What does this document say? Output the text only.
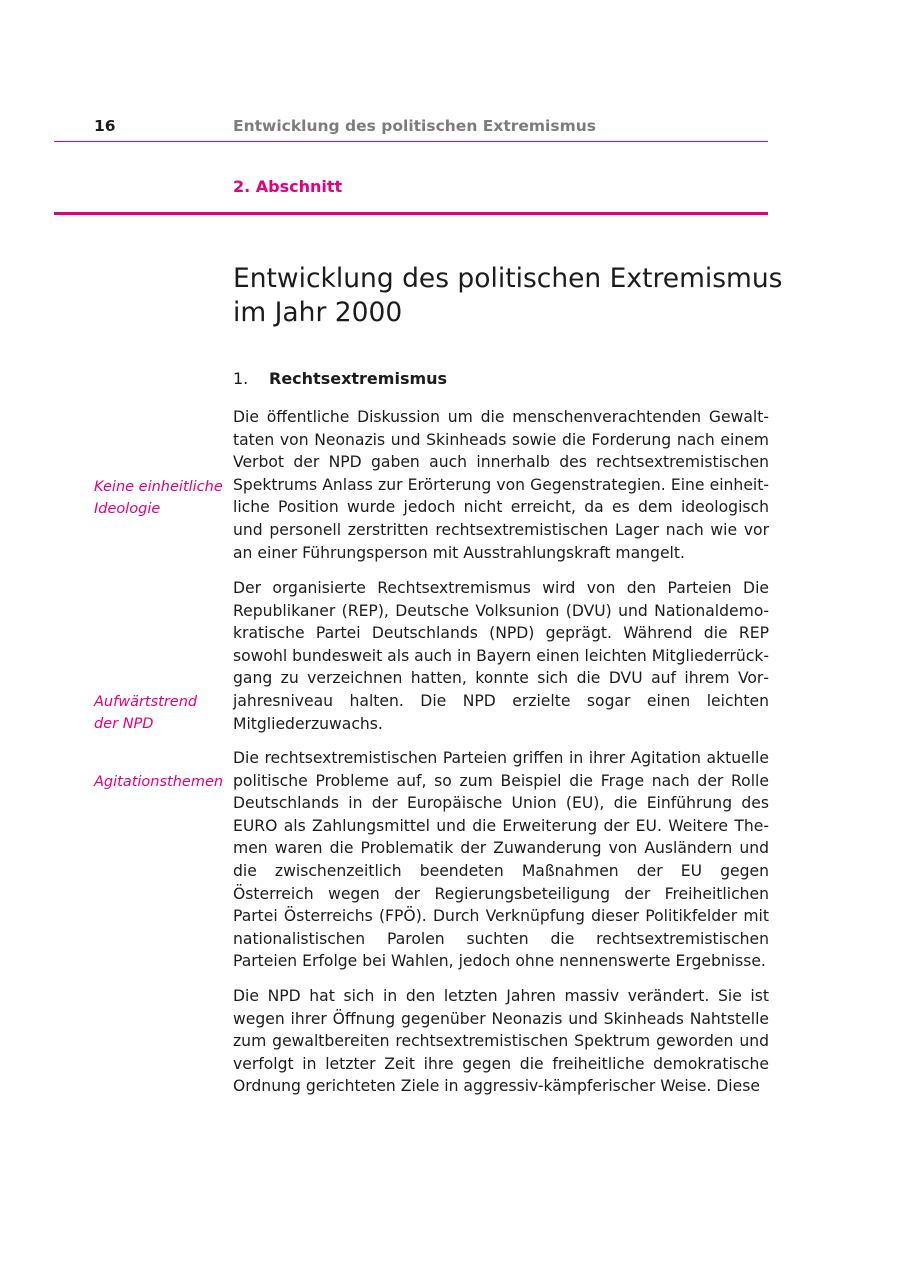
16	Entwicklung des politischen Extremismus
2. Abschnitt
Entwicklung des politischen Extremismus
im Jahr 2000
1. Rechtsextremismus

Keine einheitliche
Ideologie

Aufwärtstrend
der NPD

Agitationsthemen

Die öffentliche Diskussion um die menschenverachtenden Gewalttaten von Neonazis und Skinheads sowie die Forderung nach einem Verbot der NPD gaben auch innerhalb des rechtsextremistischen Spektrums Anlass zur Erörterung von Gegenstrategien. Eine einheitliche Position wurde jedoch nicht erreicht, da es dem ideologisch und personell zerstritten rechtsextremistischen Lager nach wie vor an einer Führungsperson mit Ausstrahlungskraft mangelt.

Der organisierte Rechtsextremismus wird von den Parteien Die Republikaner (REP), Deutsche Volksunion (DVU) und Nationaldemokratische Partei Deutschlands (NPD) geprägt. Während die REP sowohl bundesweit als auch in Bayern einen leichten Mitgliederrückgang zu verzeichnen hatten, konnte sich die DVU auf ihrem Vorjahresniveau halten. Die NPD erzielte sogar einen leichten Mitgliederzuwachs.

Die rechtsextremistischen Parteien griffen in ihrer Agitation aktuelle politische Probleme auf, so zum Beispiel die Frage nach der Rolle Deutschlands in der Europäische Union (EU), die Einführung des EURO als Zahlungsmittel und die Erweiterung der EU. Weitere Themen waren die Problematik der Zuwanderung von Ausländern und die zwischenzeitlich beendeten Maßnahmen der EU gegen Österreich wegen der Regierungsbeteiligung der Freiheitlichen Partei Österreichs (FPÖ). Durch Verknüpfung dieser Politikfelder mit nationalistischen Parolen suchten die rechtsextremistischen Parteien Erfolge bei Wahlen, jedoch ohne nennenswerte Ergebnisse.

Die NPD hat sich in den letzten Jahren massiv verändert. Sie ist wegen ihrer Öffnung gegenüber Neonazis und Skinheads Nahtstelle zum gewaltbereiten rechtsextremistischen Spektrum geworden und verfolgt in letzter Zeit ihre gegen die freiheitliche demokratische Ordnung gerichteten Ziele in aggressiv-kämpferischer Weise. Diese
